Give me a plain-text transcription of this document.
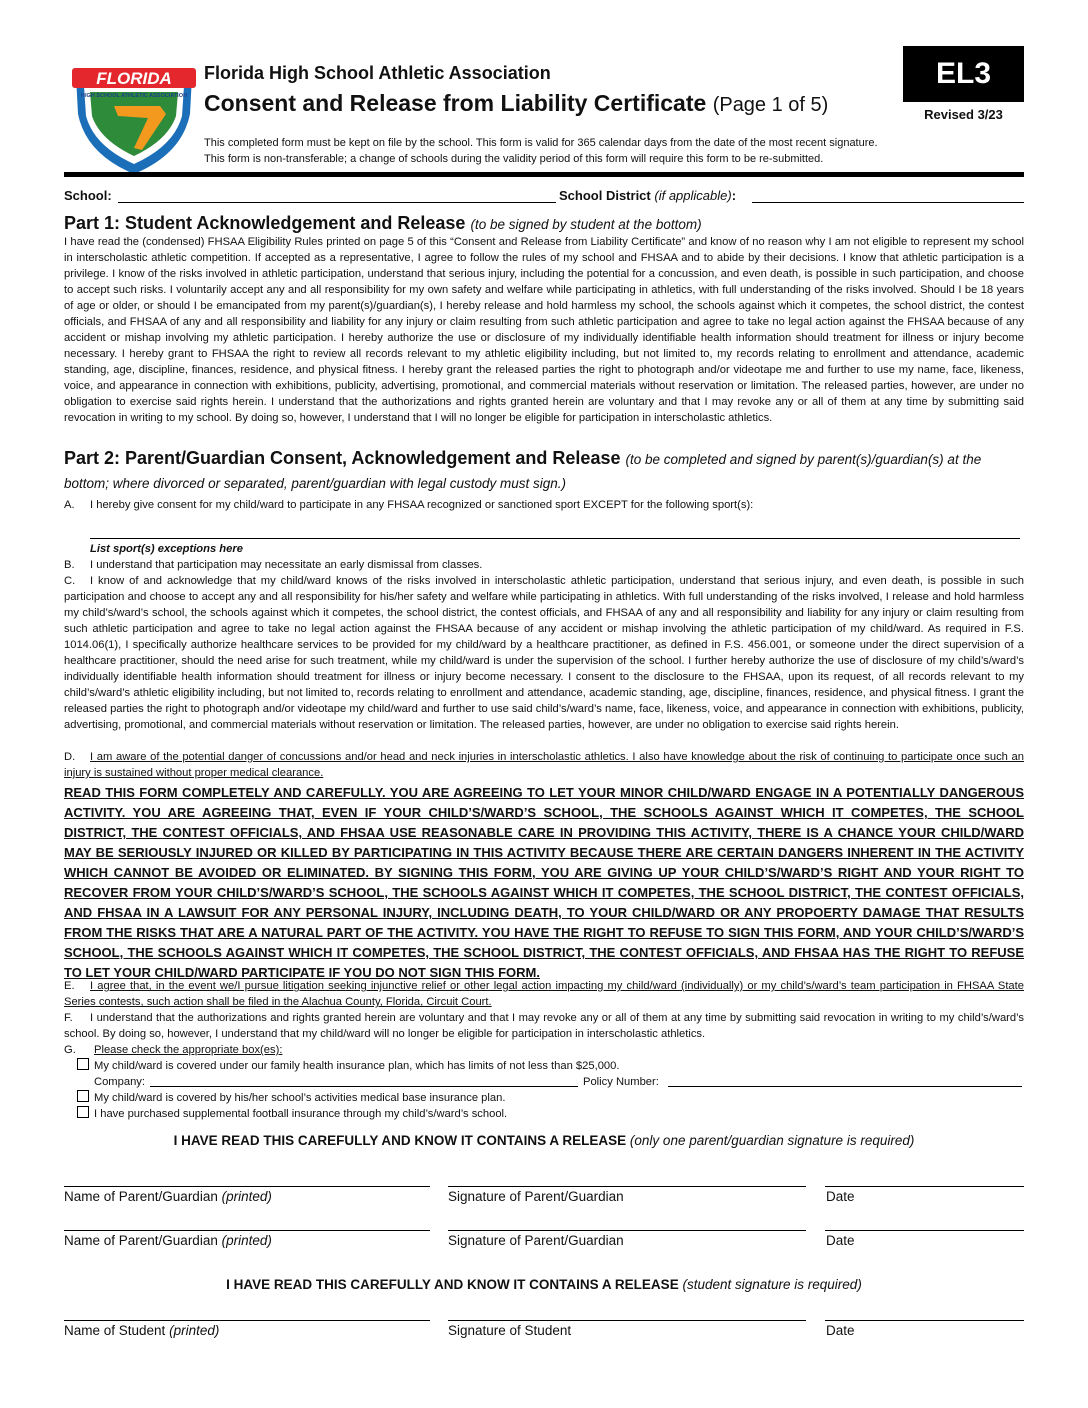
FLORIDA
HIGH SCHOOL ATHLETIC ASSOCIATION
Florida High School Athletic Association
Consent and Release from Liability Certificate (Page 1 of 5)
EL3
Revised 3/23
This completed form must be kept on file by the school. This form is valid for 365 calendar days from the date of the most recent signature.
This form is non-transferable; a change of schools during the validity period of this form will require this form to be re-submitted.
School:	School District (if applicable):
Part 1: Student Acknowledgement and Release (to be signed by student at the bottom)
I have read the (condensed) FHSAA Eligibility Rules printed on page 5 of this “Consent and Release from Liability Certificate” and know of no reason why I am not eligible to represent my school in interscholastic athletic competition. If accepted as a representative, I agree to follow the rules of my school and FHSAA and to abide by their decisions. I know that athletic participation is a privilege. I know of the risks involved in athletic participation, understand that serious injury, including the potential for a concussion, and even death, is possible in such participation, and choose to accept such risks. I voluntarily accept any and all responsibility for my own safety and welfare while participating in athletics, with full understanding of the risks involved. Should I be 18 years of age or older, or should I be emancipated from my parent(s)/guardian(s), I hereby release and hold harmless my school, the schools against which it competes, the school district, the contest officials, and FHSAA of any and all responsibility and liability for any injury or claim resulting from such athletic participation and agree to take no legal action against the FHSAA because of any accident or mishap involving my athletic participation. I hereby authorize the use or disclosure of my individually identifiable health information should treatment for illness or injury become necessary. I hereby grant to FHSAA the right to review all records relevant to my athletic eligibility including, but not limited to, my records relating to enrollment and attendance, academic standing, age, discipline, finances, residence, and physical fitness. I hereby grant the released parties the right to photograph and/or videotape me and further to use my name, face, likeness, voice, and appearance in connection with exhibitions, publicity, advertising, promotional, and commercial materials without reservation or limitation. The released parties, however, are under no obligation to exercise said rights herein. I understand that the authorizations and rights granted herein are voluntary and that I may revoke any or all of them at any time by submitting said revocation in writing to my school. By doing so, however, I understand that I will no longer be eligible for participation in interscholastic athletics.
Part 2: Parent/Guardian Consent, Acknowledgement and Release (to be completed and signed by parent(s)/guardian(s) at the bottom; where divorced or separated, parent/guardian with legal custody must sign.)
A. I hereby give consent for my child/ward to participate in any FHSAA recognized or sanctioned sport EXCEPT for the following sport(s):
List sport(s) exceptions here
B. I understand that participation may necessitate an early dismissal from classes.
C. I know of and acknowledge that my child/ward knows of the risks involved in interscholastic athletic participation, understand that serious injury, and even death, is possible in such participation and choose to accept any and all responsibility for his/her safety and welfare while participating in athletics. With full understanding of the risks involved, I release and hold harmless my child’s/ward’s school, the schools against which it competes, the school district, the contest officials, and FHSAA of any and all responsibility and liability for any injury or claim resulting from such athletic participation and agree to take no legal action against the FHSAA because of any accident or mishap involving the athletic participation of my child/ward. As required in F.S. 1014.06(1), I specifically authorize healthcare services to be provided for my child/ward by a healthcare practitioner, as defined in F.S. 456.001, or someone under the direct supervision of a healthcare practitioner, should the need arise for such treatment, while my child/ward is under the supervision of the school. I further hereby authorize the use of disclosure of my child’s/ward’s individually identifiable health information should treatment for illness or injury become necessary. I consent to the disclosure to the FHSAA, upon its request, of all records relevant to my child’s/ward’s athletic eligibility including, but not limited to, records relating to enrollment and attendance, academic standing, age, discipline, finances, residence, and physical fitness. I grant the released parties the right to photograph and/or videotape my child/ward and further to use said child’s/ward’s name, face, likeness, voice, and appearance in connection with exhibitions, publicity, advertising, promotional, and commercial materials without reservation or limitation. The released parties, however, are under no obligation to exercise said rights herein.
D. I am aware of the potential danger of concussions and/or head and neck injuries in interscholastic athletics. I also have knowledge about the risk of continuing to participate once such an injury is sustained without proper medical clearance.
READ THIS FORM COMPLETELY AND CAREFULLY. YOU ARE AGREEING TO LET YOUR MINOR CHILD/WARD ENGAGE IN A POTENTIALLY DANGEROUS ACTIVITY. YOU ARE AGREEING THAT, EVEN IF YOUR CHILD’S/WARD’S SCHOOL, THE SCHOOLS AGAINST WHICH IT COMPETES, THE SCHOOL DISTRICT, THE CONTEST OFFICIALS, AND FHSAA USE REASONABLE CARE IN PROVIDING THIS ACTIVITY, THERE IS A CHANCE YOUR CHILD/WARD MAY BE SERIOUSLY INJURED OR KILLED BY PARTICIPATING IN THIS ACTIVITY BECAUSE THERE ARE CERTAIN DANGERS INHERENT IN THE ACTIVITY WHICH CANNOT BE AVOIDED OR ELIMINATED. BY SIGNING THIS FORM, YOU ARE GIVING UP YOUR CHILD’S/WARD’S RIGHT AND YOUR RIGHT TO RECOVER FROM YOUR CHILD’S/WARD’S SCHOOL, THE SCHOOLS AGAINST WHICH IT COMPETES, THE SCHOOL DISTRICT, THE CONTEST OFFICIALS, AND FHSAA IN A LAWSUIT FOR ANY PERSONAL INJURY, INCLUDING DEATH, TO YOUR CHILD/WARD OR ANY PROPOERTY DAMAGE THAT RESULTS FROM THE RISKS THAT ARE A NATURAL PART OF THE ACTIVITY. YOU HAVE THE RIGHT TO REFUSE TO SIGN THIS FORM, AND YOUR CHILD’S/WARD’S SCHOOL, THE SCHOOLS AGAINST WHICH IT COMPETES, THE SCHOOL DISTRICT, THE CONTEST OFFICIALS, AND FHSAA HAS THE RIGHT TO REFUSE TO LET YOUR CHILD/WARD PARTICIPATE IF YOU DO NOT SIGN THIS FORM.
E. I agree that, in the event we/I pursue litigation seeking injunctive relief or other legal action impacting my child/ward (individually) or my child’s/ward’s team participation in FHSAA State Series contests, such action shall be filed in the Alachua County, Florida, Circuit Court.
F. I understand that the authorizations and rights granted herein are voluntary and that I may revoke any or all of them at any time by submitting said revocation in writing to my child’s/ward’s school. By doing so, however, I understand that my child/ward will no longer be eligible for participation in interscholastic athletics.
G. Please check the appropriate box(es):
My child/ward is covered under our family health insurance plan, which has limits of not less than $25,000.
Company:	Policy Number:
My child/ward is covered by his/her school’s activities medical base insurance plan.
I have purchased supplemental football insurance through my child’s/ward’s school.
I HAVE READ THIS CAREFULLY AND KNOW IT CONTAINS A RELEASE (only one parent/guardian signature is required)
Name of Parent/Guardian (printed)	Signature of Parent/Guardian	Date
Name of Parent/Guardian (printed)	Signature of Parent/Guardian	Date
I HAVE READ THIS CAREFULLY AND KNOW IT CONTAINS A RELEASE (student signature is required)
Name of Student (printed)	Signature of Student	Date
